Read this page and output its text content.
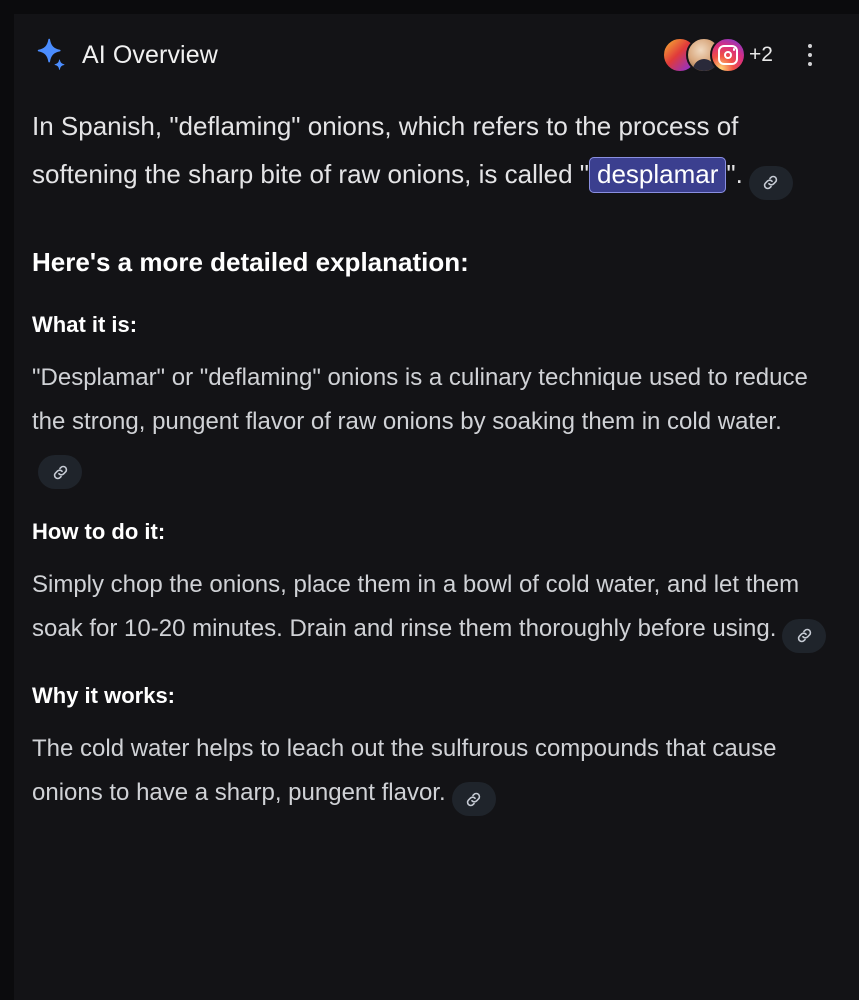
AI Overview	+2

In Spanish, "deflaming" onions, which refers to the process of softening the sharp bite of raw onions, is called " desplamar ".

Here's a more detailed explanation:
What it is:

"Desplamar" or "deflaming" onions is a culinary technique used to reduce the strong, pungent flavor of raw onions by soaking them in cold water.

How to do it:

Simply chop the onions, place them in a bowl of cold water, and let them soak for 10-20 minutes. Drain and rinse them thoroughly before using.

Why it works:

The cold water helps to leach out the sulfurous compounds that cause onions to have a sharp, pungent flavor.
